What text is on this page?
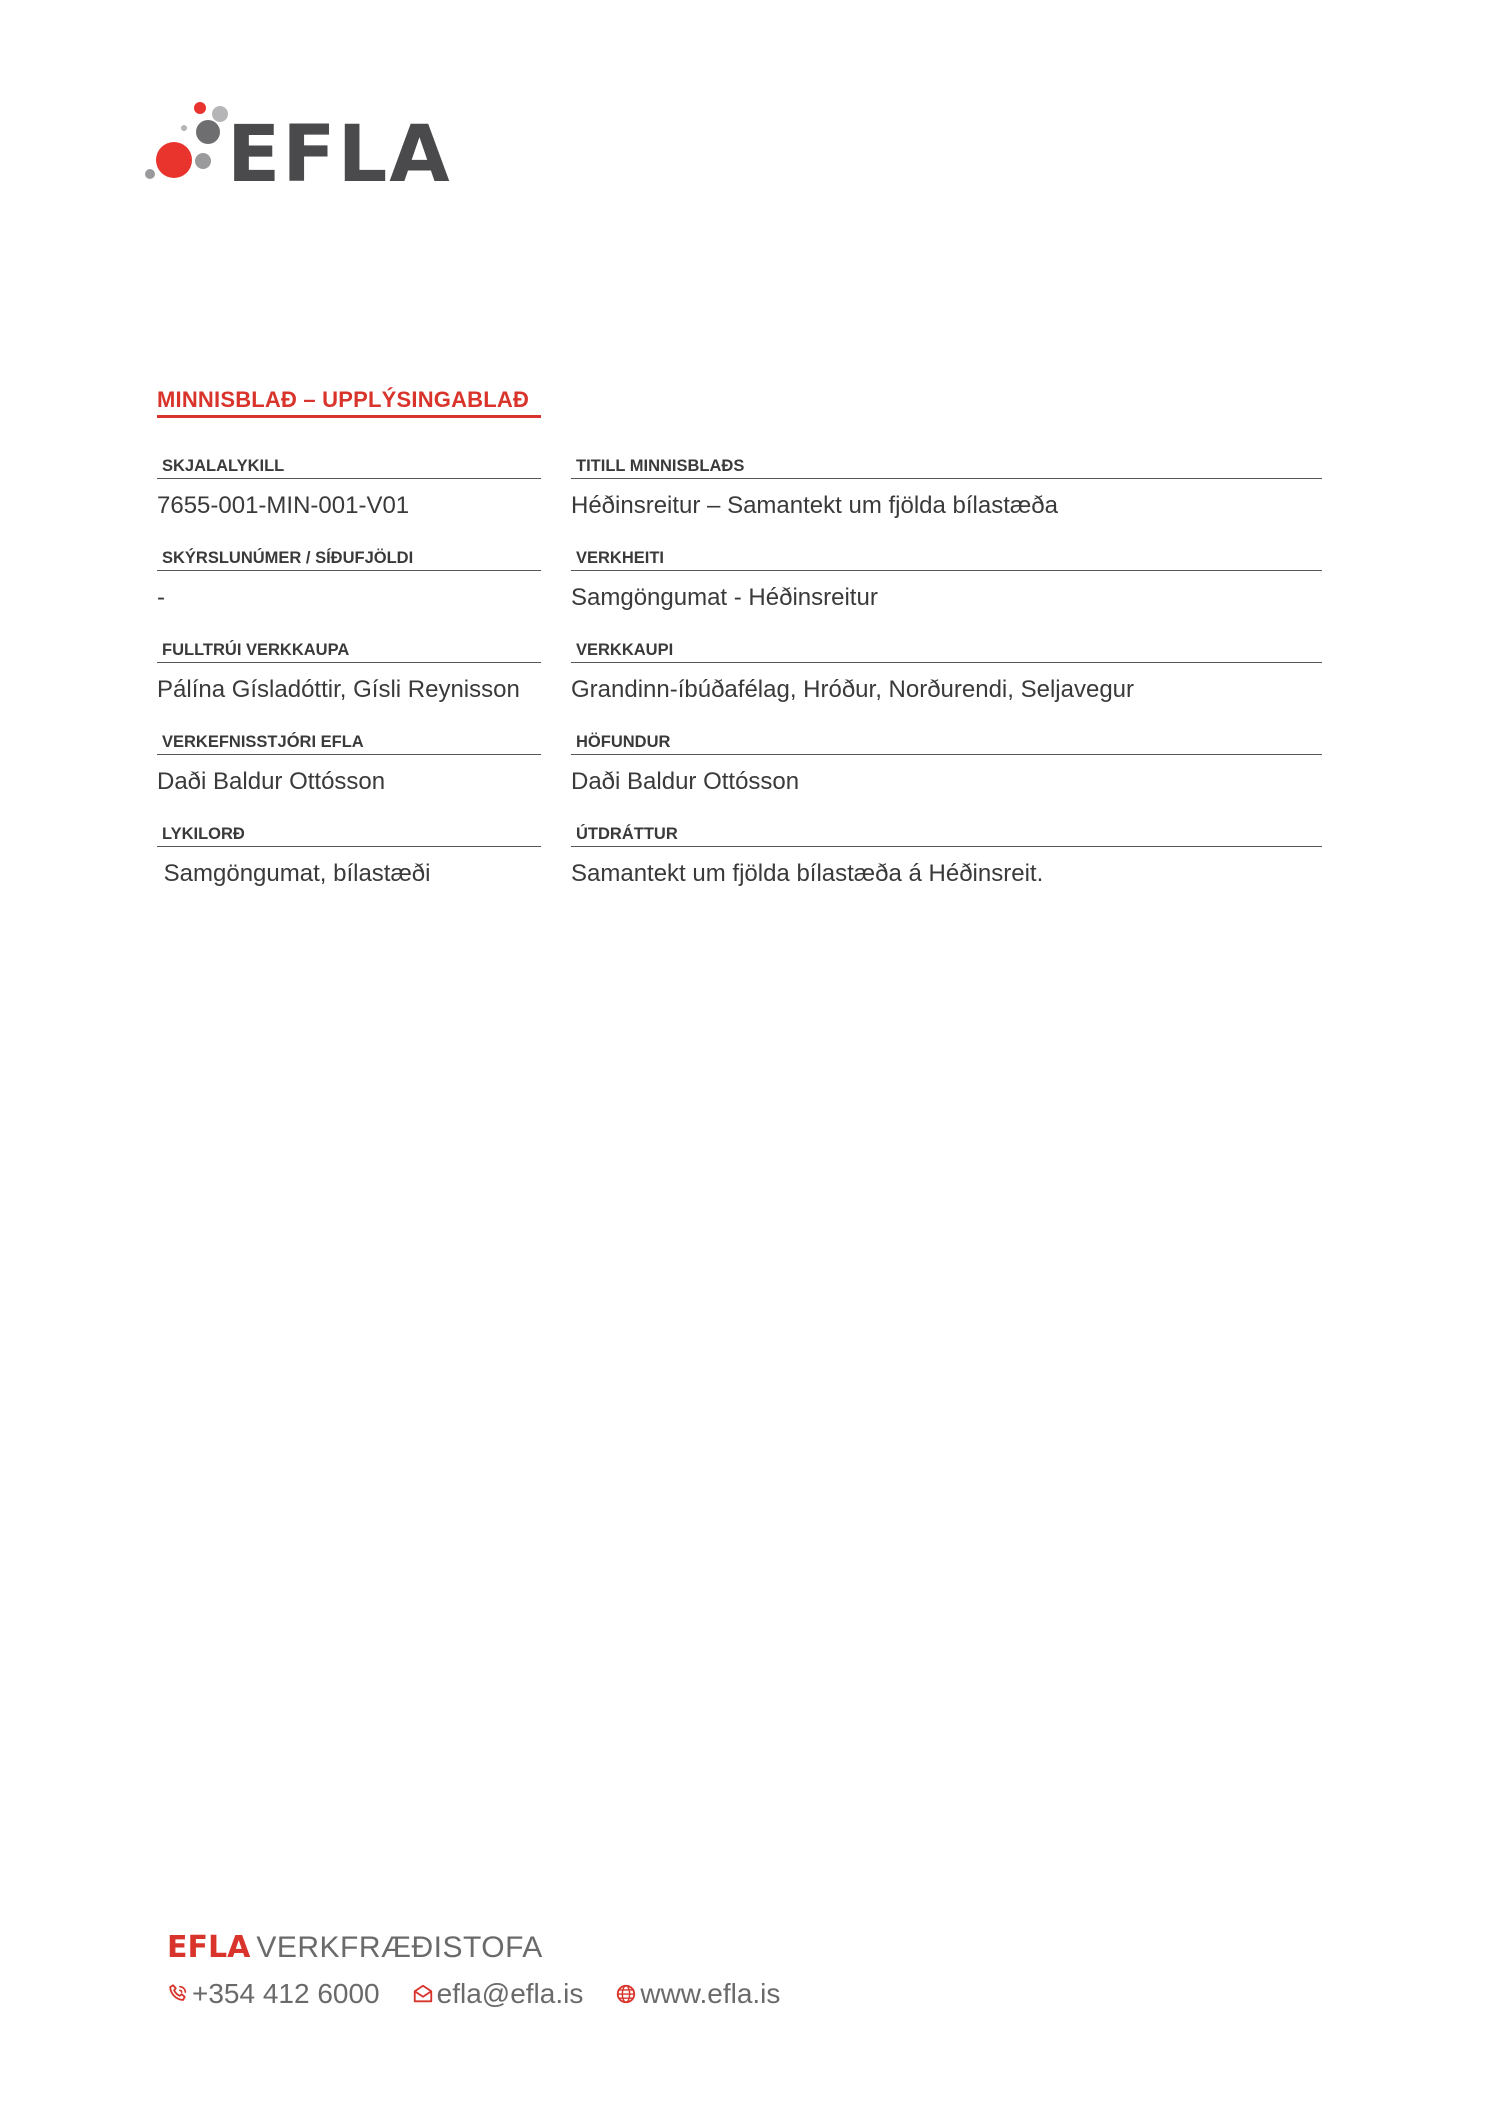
EFLA
MINNISBLAÐ – UPPLÝSINGABLAÐ
SKJALALYKILL
7655-001-MIN-001-V01
TITILL MINNISBLAÐS
Héðinsreitur – Samantekt um fjölda bílastæða
SKÝRSLUNÚMER / SÍÐUFJÖLDI
-
VERKHEITI
Samgöngumat - Héðinsreitur
FULLTRÚI VERKKAUPA
Pálína Gísladóttir, Gísli Reynisson
VERKKAUPI
Grandinn-íbúðafélag, Hróður, Norðurendi, Seljavegur
VERKEFNISSTJÓRI EFLA
Daði Baldur Ottósson
HÖFUNDUR
Daði Baldur Ottósson
LYKILORÐ
Samgöngumat, bílastæði
ÚTDRÁTTUR
Samantekt um fjölda bílastæða á Héðinsreit.
EFLA VERKFRÆÐISTOFA
+354 412 6000 efla@efla.is www.efla.is
